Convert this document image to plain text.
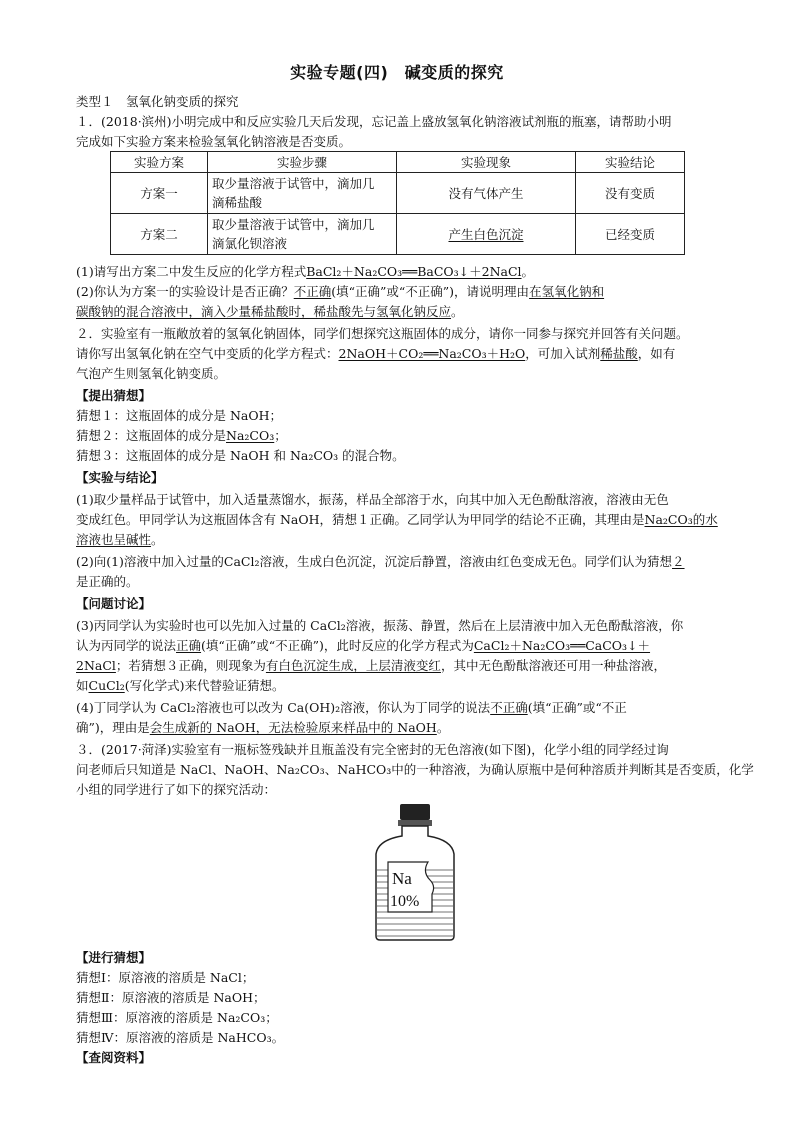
实验专题(四)　碱变质的探究
类型１　氢氧化钠变质的探究
１．(2018·滨州)小明完成中和反应实验几天后发现，忘记盖上盛放氢氧化钠溶液试剂瓶的瓶塞，请帮助小明
完成如下实验方案来检验氢氧化钠溶液是否变质。
实验方案	实验步骤	实验现象	实验结论
方案一	取少量溶液于试管中，滴加几
滴稀盐酸	没有气体产生	没有变质
方案二	取少量溶液于试管中，滴加几
滴氯化钡溶液	产生白色沉淀	已经变质
(1)请写出方案二中发生反应的化学方程式BaCl₂＋Na₂CO₃══BaCO₃↓＋2NaCl。
(2)你认为方案一的实验设计是否正确？不正确(填“正确”或“不正确”)，请说明理由在氢氧化钠和
碳酸钠的混合溶液中，滴入少量稀盐酸时，稀盐酸先与氢氧化钠反应。
２．实验室有一瓶敞放着的氢氧化钠固体，同学们想探究这瓶固体的成分，请你一同参与探究并回答有关问题。
请你写出氢氧化钠在空气中变质的化学方程式：2NaOH＋CO₂══Na₂CO₃＋H₂O，可加入试剂稀盐酸，如有
气泡产生则氢氧化钠变质。
【提出猜想】
猜想１：这瓶固体的成分是 NaOH；
猜想２：这瓶固体的成分是Na₂CO₃；
猜想３：这瓶固体的成分是 NaOH 和 Na₂CO₃ 的混合物。
【实验与结论】
(1)取少量样品于试管中，加入适量蒸馏水，振荡，样品全部溶于水，向其中加入无色酚酞溶液，溶液由无色
变成红色。甲同学认为这瓶固体含有 NaOH，猜想１正确。乙同学认为甲同学的结论不正确，其理由是Na₂CO₃的水
溶液也呈碱性。
(2)向(1)溶液中加入过量的CaCl₂溶液，生成白色沉淀，沉淀后静置，溶液由红色变成无色。同学们认为猜想２
是正确的。
【问题讨论】
(3)丙同学认为实验时也可以先加入过量的 CaCl₂溶液，振荡、静置，然后在上层清液中加入无色酚酞溶液，你
认为丙同学的说法正确(填“正确”或“不正确”)，此时反应的化学方程式为CaCl₂＋Na₂CO₃══CaCO₃↓＋
2NaCl；若猜想３正确，则现象为有白色沉淀生成，上层清液变红，其中无色酚酞溶液还可用一种盐溶液，
如CuCl₂(写化学式)来代替验证猜想。
(4)丁同学认为 CaCl₂溶液也可以改为 Ca(OH)₂溶液，你认为丁同学的说法不正确(填“正确”或“不正
确”)，理由是会生成新的 NaOH，无法检验原来样品中的 NaOH。
３．(2017·菏泽)实验室有一瓶标签残缺并且瓶盖没有完全密封的无色溶液(如下图)，化学小组的同学经过询
问老师后只知道是 NaCl、NaOH、Na₂CO₃、NaHCO₃中的一种溶液，为确认原瓶中是何种溶质并判断其是否变质，化学
小组的同学进行了如下的探究活动：
Na
10%
【进行猜想】
猜想Ⅰ：原溶液的溶质是 NaCl；
猜想Ⅱ：原溶液的溶质是 NaOH；
猜想Ⅲ：原溶液的溶质是 Na₂CO₃；
猜想Ⅳ：原溶液的溶质是 NaHCO₃。
【查阅资料】
